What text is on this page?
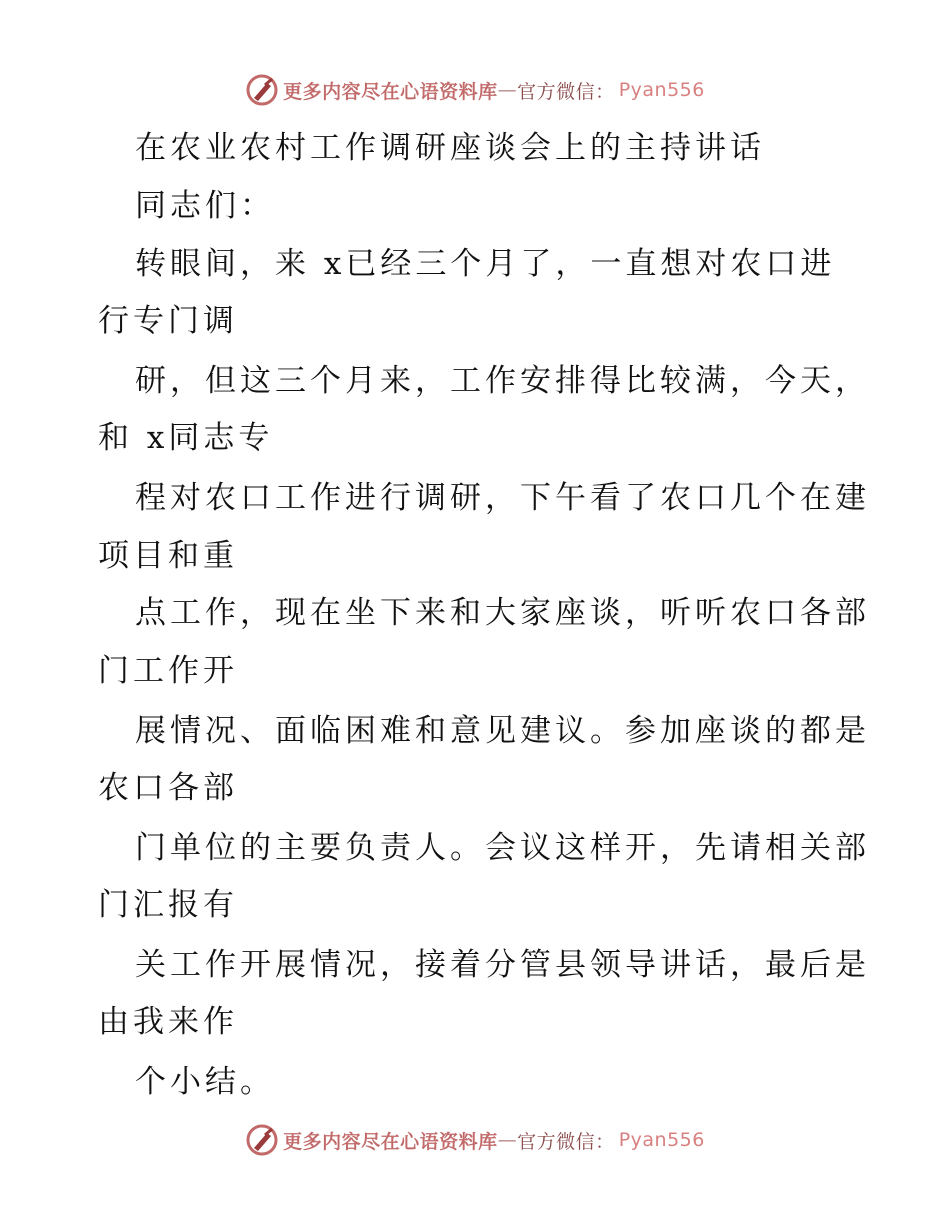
更多内容尽在心语资料库 — 官方微信： Pyan556
在农业农村工作调研座谈会上的主持讲话
同志们：
转眼间，来 x已经三个月了，一直想对农口进
行专门调
研，但这三个月来，工作安排得比较满，今天，
和 x同志专
程对农口工作进行调研，下午看了农口几个在建
项目和重
点工作，现在坐下来和大家座谈，听听农口各部
门工作开
展情况、面临困难和意见建议。参加座谈的都是
农口各部
门单位的主要负责人。会议这样开，先请相关部
门汇报有
关工作开展情况，接着分管县领导讲话，最后是
由我来作
个小结。
更多内容尽在心语资料库 — 官方微信： Pyan556
